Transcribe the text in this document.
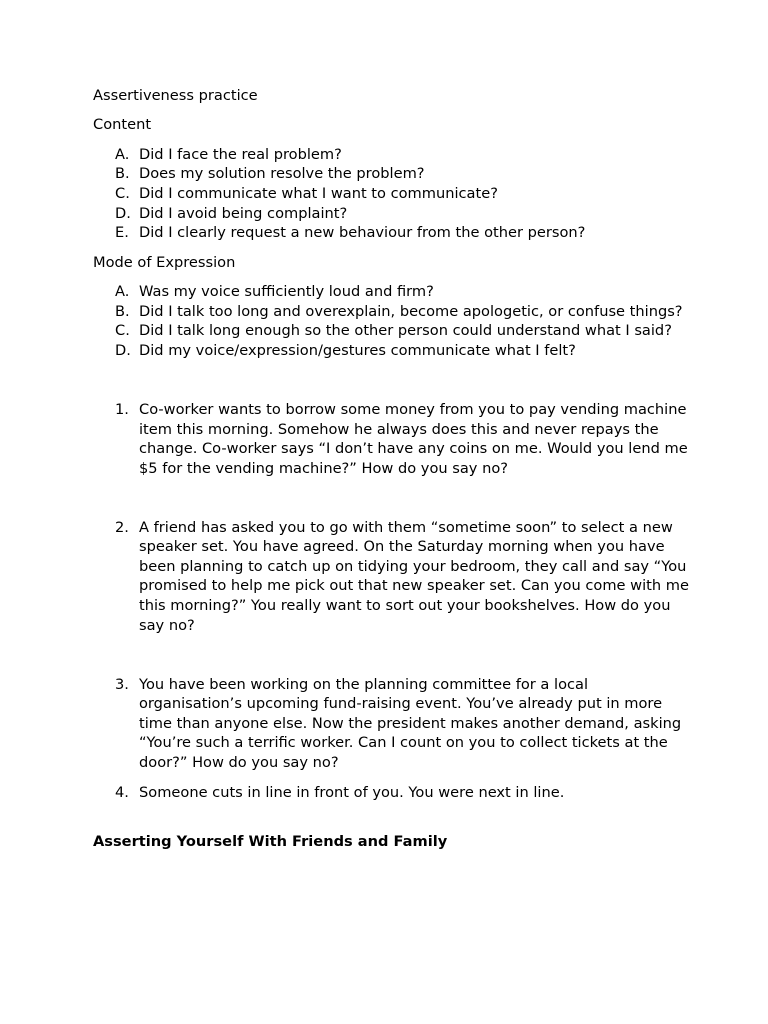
Assertiveness practice

Content

A. Did I face the real problem?
B. Does my solution resolve the problem?
C. Did I communicate what I want to communicate?
D. Did I avoid being complaint?
E. Did I clearly request a new behaviour from the other person?

Mode of Expression

A. Was my voice sufficiently loud and firm?
B. Did I talk too long and overexplain, become apologetic, or confuse things?
C. Did I talk long enough so the other person could understand what I said?
D. Did my voice/expression/gestures communicate what I felt?
1. Co-worker wants to borrow some money from you to pay vending machine item this morning. Somehow he always does this and never repays the change. Co-worker says “I don’t have any coins on me. Would you lend me $5 for the vending machine?” How do you say no?
2. A friend has asked you to go with them “sometime soon” to select a new speaker set. You have agreed. On the Saturday morning when you have been planning to catch up on tidying your bedroom, they call and say “You promised to help me pick out that new speaker set. Can you come with me this morning?” You really want to sort out your bookshelves. How do you say no?
3. You have been working on the planning committee for a local organisation’s upcoming fund-raising event. You’ve already put in more time than anyone else. Now the president makes another demand, asking “You’re such a terrific worker. Can I count on you to collect tickets at the door?” How do you say no?
4. Someone cuts in line in front of you. You were next in line.

Asserting Yourself With Friends and Family
